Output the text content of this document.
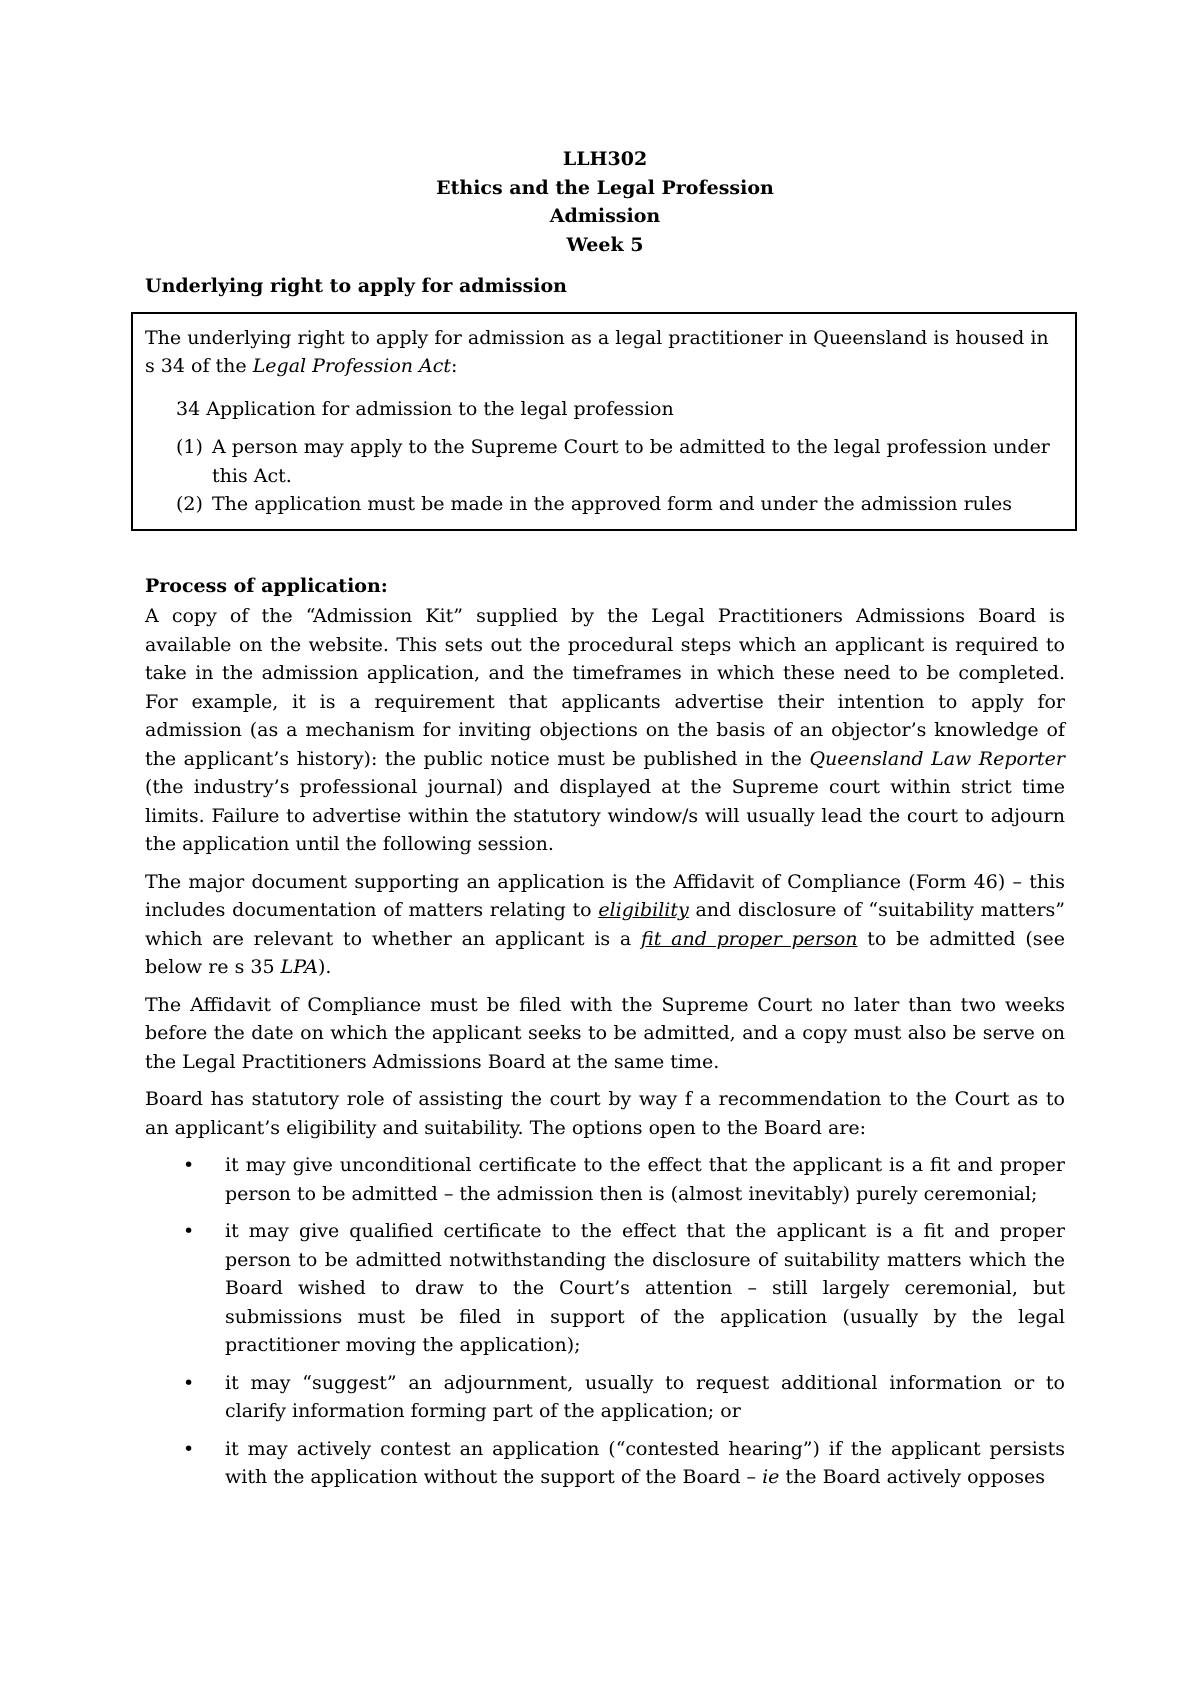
LLH302
Ethics and the Legal Profession
Admission
Week 5

Underlying right to apply for admission

The underlying right to apply for admission as a legal practitioner in Queensland is housed in s 34 of the Legal Profession Act:

34 Application for admission to the legal profession

(1) A person may apply to the Supreme Court to be admitted to the legal profession under this Act.
(2) The application must be made in the approved form and under the admission rules

Process of application:

A copy of the “Admission Kit” supplied by the Legal Practitioners Admissions Board is available on the website. This sets out the procedural steps which an applicant is required to take in the admission application, and the timeframes in which these need to be completed. For example, it is a requirement that applicants advertise their intention to apply for admission (as a mechanism for inviting objections on the basis of an objector’s knowledge of the applicant’s history): the public notice must be published in the Queensland Law Reporter (the industry’s professional journal) and displayed at the Supreme court within strict time limits. Failure to advertise within the statutory window/s will usually lead the court to adjourn the application until the following session.

The major document supporting an application is the Affidavit of Compliance (Form 46) – this includes documentation of matters relating to eligibility and disclosure of “suitability matters” which are relevant to whether an applicant is a fit and proper person to be admitted (see below re s 35 LPA).

The Affidavit of Compliance must be filed with the Supreme Court no later than two weeks before the date on which the applicant seeks to be admitted, and a copy must also be serve on the Legal Practitioners Admissions Board at the same time.

Board has statutory role of assisting the court by way f a recommendation to the Court as to an applicant’s eligibility and suitability. The options open to the Board are:

•	it may give unconditional certificate to the effect that the applicant is a fit and proper person to be admitted – the admission then is (almost inevitably) purely ceremonial;
•	it may give qualified certificate to the effect that the applicant is a fit and proper person to be admitted notwithstanding the disclosure of suitability matters which the Board wished to draw to the Court’s attention – still largely ceremonial, but submissions must be filed in support of the application (usually by the legal practitioner moving the application);
•	it may “suggest” an adjournment, usually to request additional information or to clarify information forming part of the application; or
•	it may actively contest an application (“contested hearing”) if the applicant persists with the application without the support of the Board – ie the Board actively opposes
